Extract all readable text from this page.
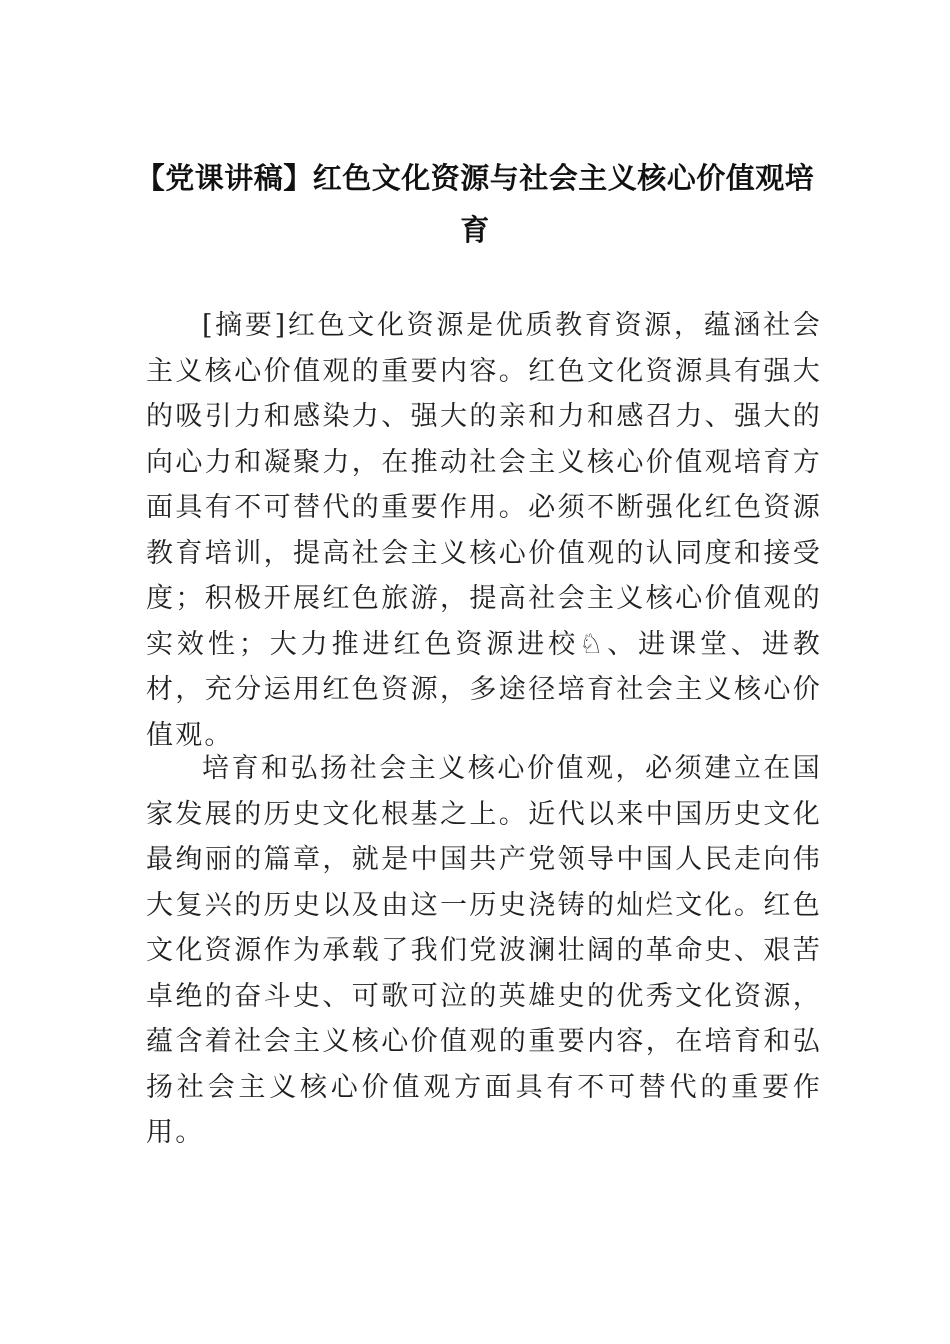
【党课讲稿】红色文化资源与社会主义核心价值观培育

[摘要]红色文化资源是优质教育资源，蕴涵社会主义核心价值观的重要内容。红色文化资源具有强大的吸引力和感染力、强大的亲和力和感召力、强大的向心力和凝聚力，在推动社会主义核心价值观培育方面具有不可替代的重要作用。必须不断强化红色资源教育培训，提高社会主义核心价值观的认同度和接受度；积极开展红色旅游，提高社会主义核心价值观的实效性；大力推进红色资源进校♘、进课堂、进教材，充分运用红色资源，多途径培育社会主义核心价值观。

培育和弘扬社会主义核心价值观，必须建立在国家发展的历史文化根基之上。近代以来中国历史文化最绚丽的篇章，就是中国共产党领导中国人民走向伟大复兴的历史以及由这一历史浇铸的灿烂文化。红色文化资源作为承载了我们党波澜壮阔的革命史、艰苦卓绝的奋斗史、可歌可泣的英雄史的优秀文化资源，蕴含着社会主义核心价值观的重要内容，在培育和弘扬社会主义核心价值观方面具有不可替代的重要作用。
